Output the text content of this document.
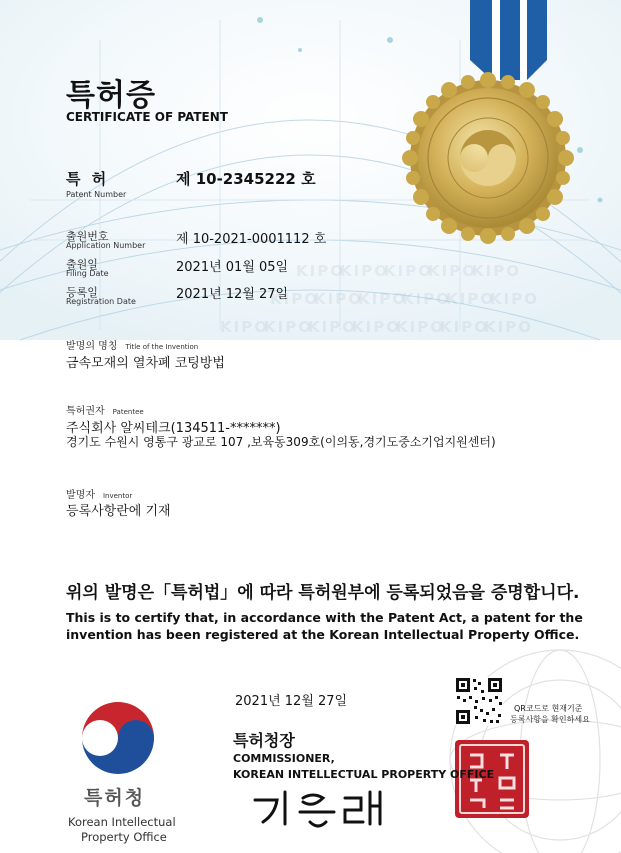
KIPO
KIPO
KIPO
KIPO
KIPO
KIPO
KIPO
KIPO
KIPO
KIPO
KIPO
KIPO
KIPO
KIPO
KIPO
KIPO
KIPO
KIPO
특허증
CERTIFICATE OF PATENT
특 허
Patent Number
제 10-2345222 호
출원번호
Application Number 제 10-2021-0001112 호
출원일
Filing Date	2021년 01월 05일
등록일
Registration Date	2021년 12월 27일
발명의 명칭 Title of the Invention
금속모재의 열차폐 코팅방법
특허권자 Patentee
주식회사 알씨테크(134511-*******)
경기도 수원시 영통구 광교로 107 ,보육동309호(이의동,경기도중소기업지원센터)
발명자 Inventor
등록사항란에 기재
위의 발명은「특허법」에 따라 특허원부에 등록되었음을 증명합니다.
This is to certify that, in accordance with the Patent Act, a patent for the
invention has been registered at the Korean Intellectual Property Office.
2021년 12월 27일
특허청장
COMMISSIONER,
KOREAN INTELLECTUAL PROPERTY OFFICE
QR코드로 현재기준
등록사항을 확인하세요
특허청
Korean Intellectual
Property Office
